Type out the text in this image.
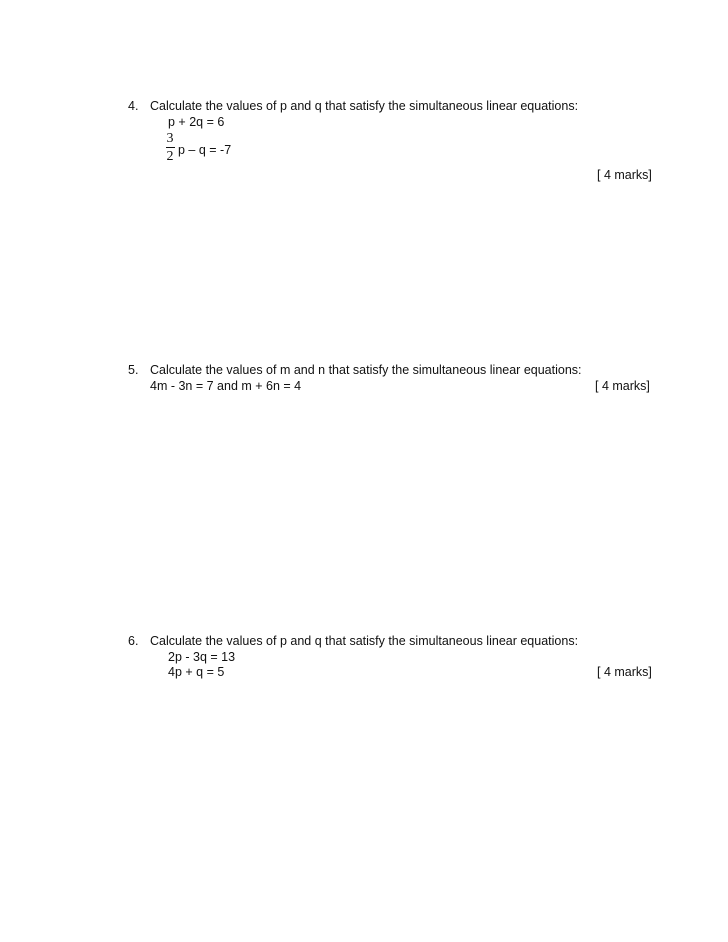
4. Calculate the values of p and q that satisfy the simultaneous linear equations:
p + 2q = 6
3
2 p – q = -7
[ 4 marks]
5. Calculate the values of m and n that satisfy the simultaneous linear equations:
4m - 3n = 7 and m + 6n = 4	[ 4 marks]
6. Calculate the values of p and q that satisfy the simultaneous linear equations:
2p - 3q = 13
4p + q = 5	[ 4 marks]
